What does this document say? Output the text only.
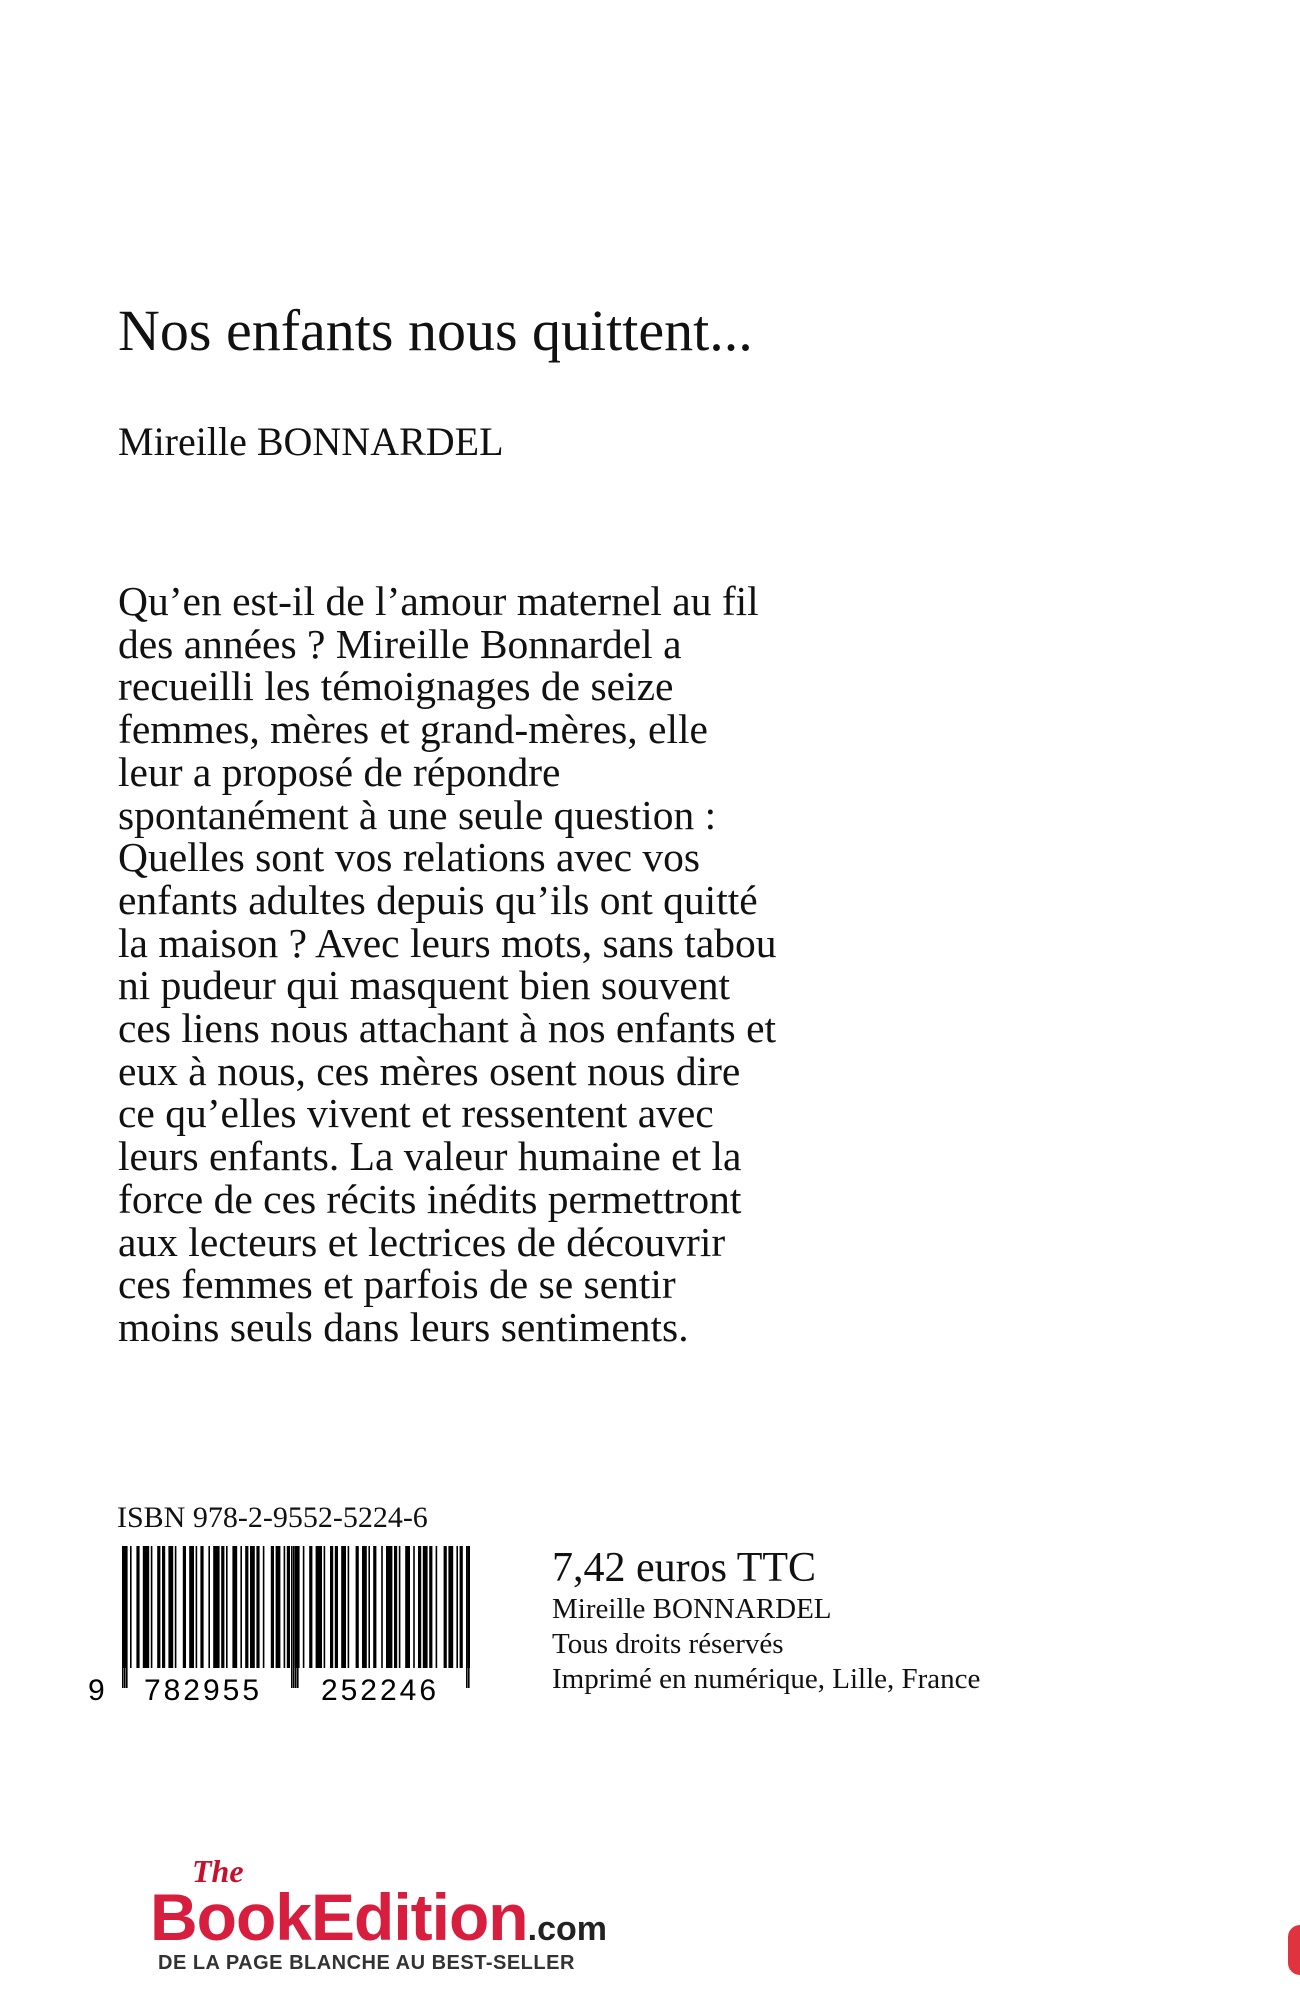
Nos enfants nous quittent...
Mireille BONNARDEL
Qu’en est-il de l’amour maternel au fil
des années ? Mireille Bonnardel a
recueilli les témoignages de seize
femmes, mères et grand-mères, elle
leur a proposé de répondre
spontanément à une seule question :
Quelles sont vos relations avec vos
enfants adultes depuis qu’ils ont quitté
la maison ? Avec leurs mots, sans tabou
ni pudeur qui masquent bien souvent
ces liens nous attachant à nos enfants et
eux à nous, ces mères osent nous dire
ce qu’elles vivent et ressentent avec
leurs enfants. La valeur humaine et la
force de ces récits inédits permettront
aux lecteurs et lectrices de découvrir
ces femmes et parfois de se sentir
moins seuls dans leurs sentiments.
ISBN 978-2-9552-5224-6
9 782955 252246
7,42 euros TTC
Mireille BONNARDEL
Tous droits réservés
Imprimé en numérique, Lille, France
The
BookEdition.com
DE LA PAGE BLANCHE AU BEST-SELLER
